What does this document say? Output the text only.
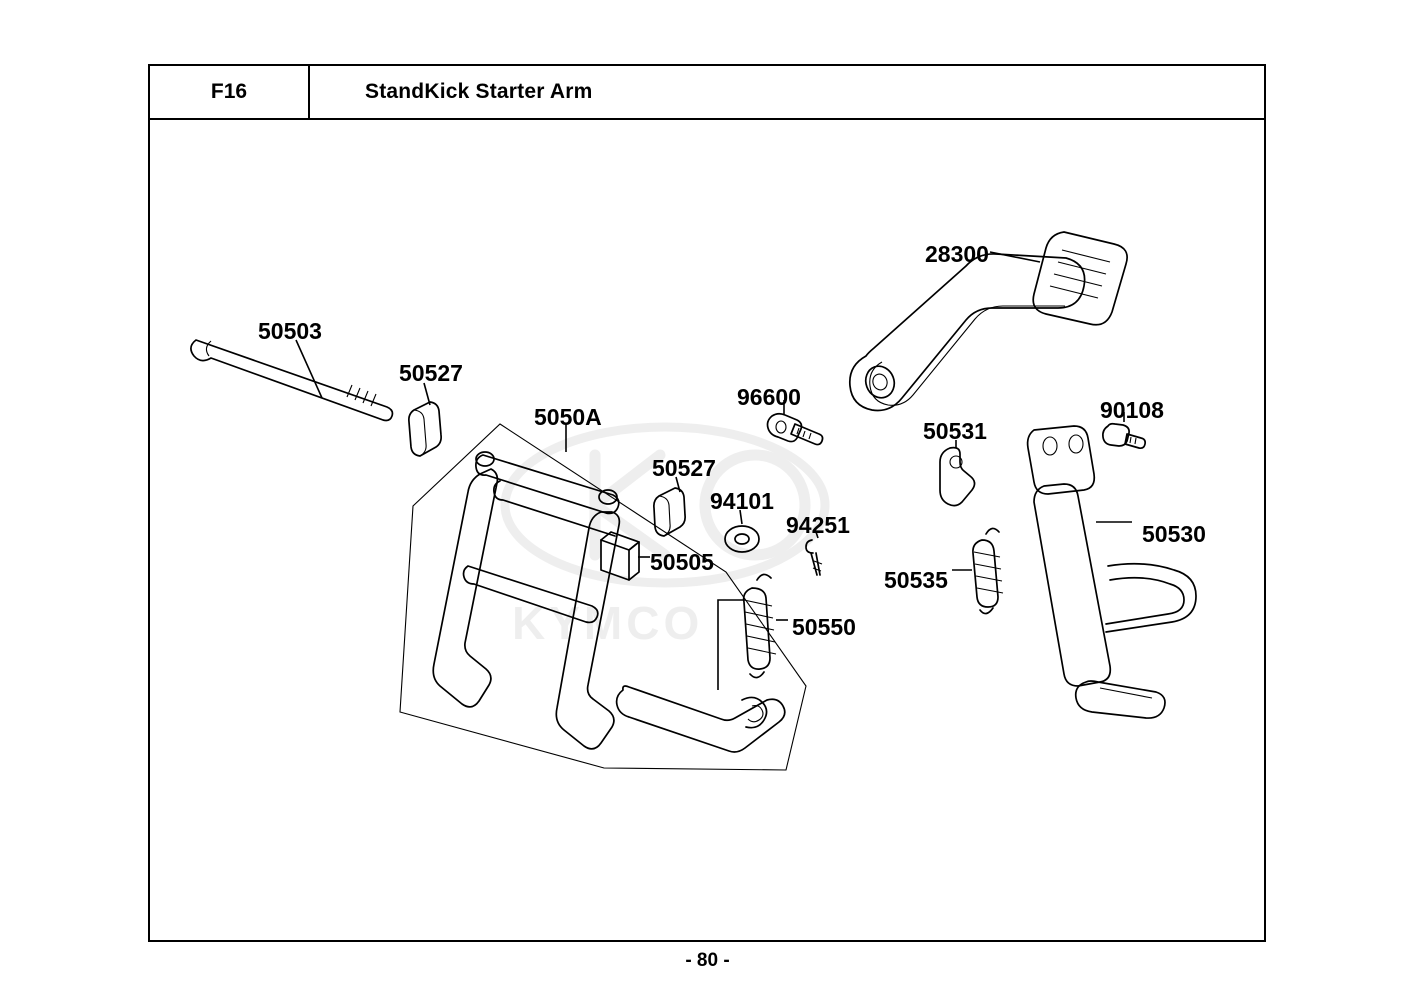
F16	StandKick Starter Arm
KYMCO
50503
50527
5050A
50527
50505
94101
94251
50550
96600
28300
50531
50535
90108
50530
- 80 -
